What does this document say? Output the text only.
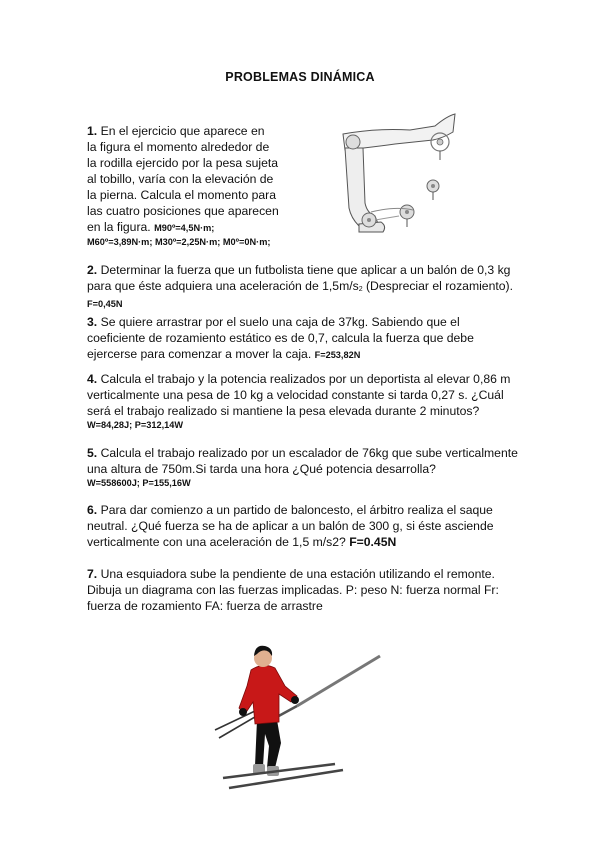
PROBLEMAS DINÁMICA
1. En el ejercicio que aparece en
la figura el momento alrededor de
la rodilla ejercido por la pesa sujeta
al tobillo, varía con la elevación de
la pierna. Calcula el momento para
las cuatro posiciones que aparecen
en la figura. M90º=4,5N·m;
M60º=3,89N·m; M30º=2,25N·m; M0º=0N·m;
2. Determinar la fuerza que un futbolista tiene que aplicar a un balón de 0,3 kg
para que éste adquiera una aceleración de $1,5m/s_2$ (Despreciar el rozamiento).
F=0,45N
3. Se quiere arrastrar por el suelo una caja de 37kg. Sabiendo que el
coeficiente de rozamiento estático es de 0,7, calcula la fuerza que debe
ejercerse para comenzar a mover la caja. F=253,82N
4. Calcula el trabajo y la potencia realizados por un deportista al elevar 0,86 m
verticalmente una pesa de 10 kg a velocidad constante si tarda 0,27 s. ¿Cuál
será el trabajo realizado si mantiene la pesa elevada durante 2 minutos?
W=84,28J; P=312,14W
5. Calcula el trabajo realizado por un escalador de 76kg que sube verticalmente
una altura de 750m.Si tarda una hora ¿Qué potencia desarrolla?
W=558600J; P=155,16W
6. Para dar comienzo a un partido de baloncesto, el árbitro realiza el saque
neutral. ¿Qué fuerza se ha de aplicar a un balón de 300 g, si éste asciende
verticalmente con una aceleración de 1,5 m/s2? F=0.45N
7. Una esquiadora sube la pendiente de una estación utilizando el remonte.
Dibuja un diagrama con las fuerzas implicadas. P: peso N: fuerza normal Fr:
fuerza de rozamiento FA: fuerza de arrastre
